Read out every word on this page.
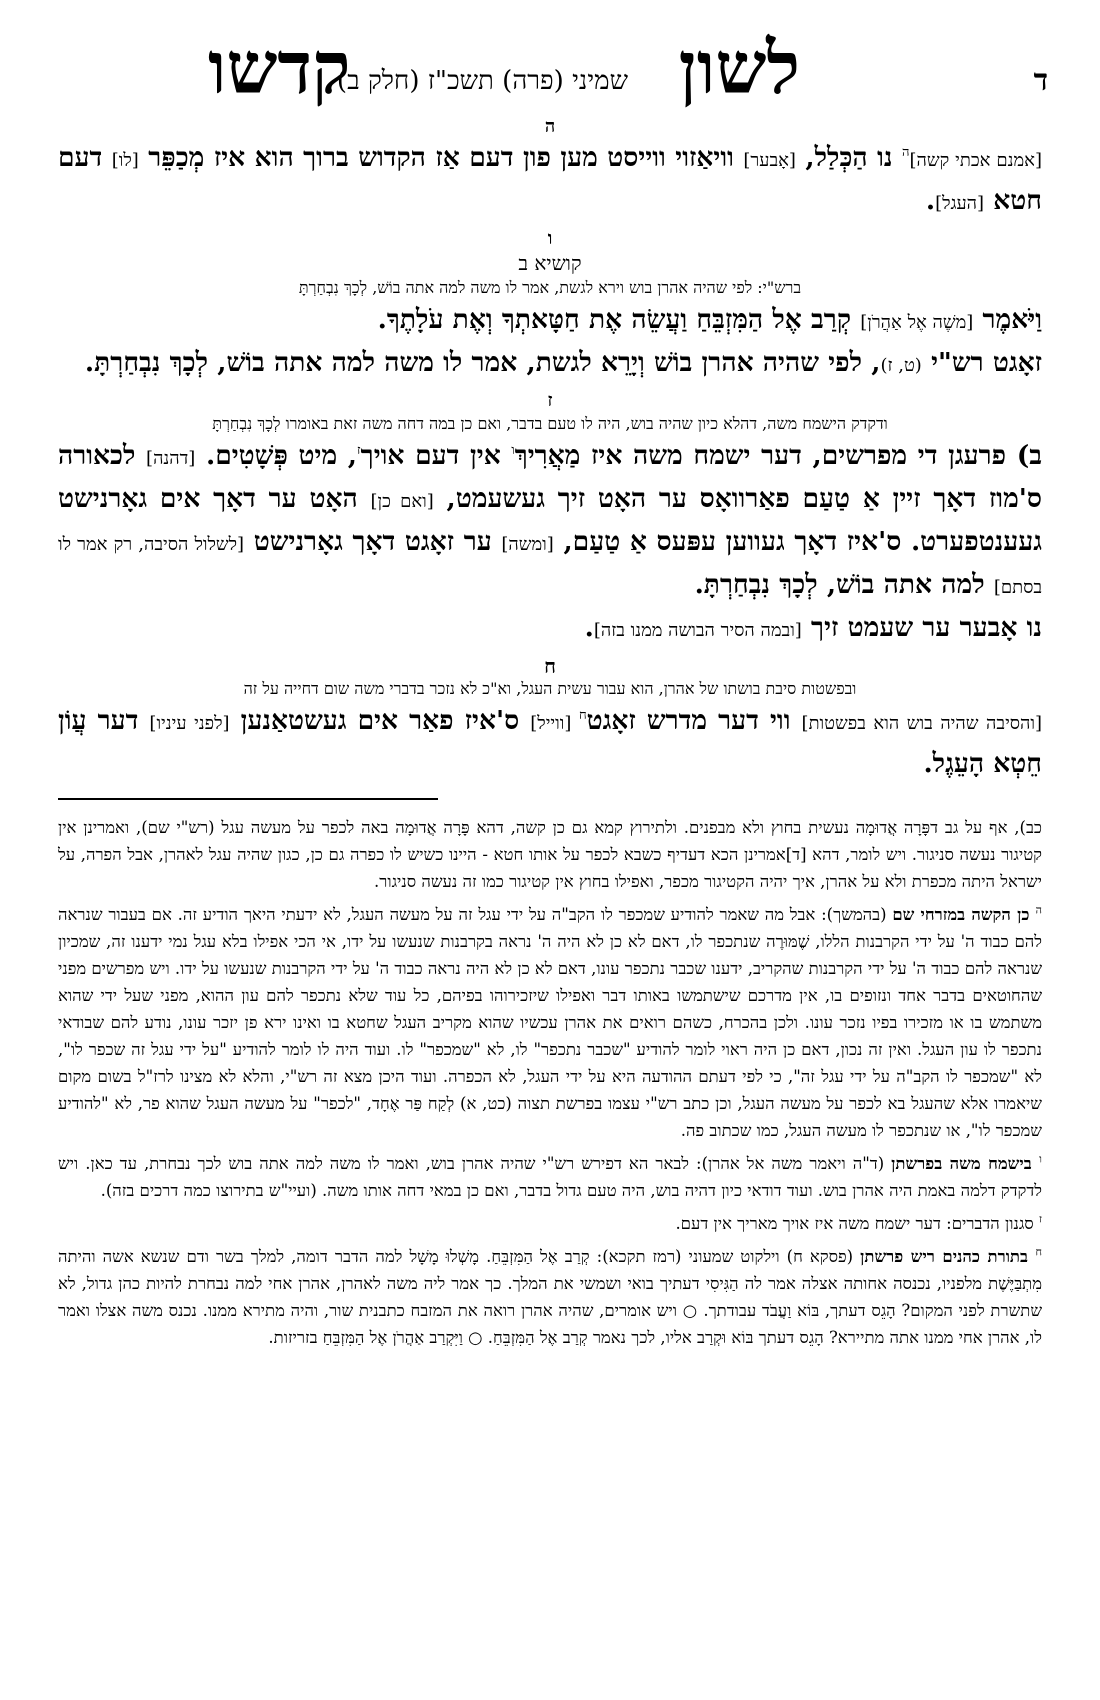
ד
לשון
שמיני (פרה) תשכ"ז (חלק ב)
קדשו
ה

[אמנם אכתי קשה]$^ה$ נו הַכְּלַל, [אָבער] וויאַזוי ווייסט מען פון דעם אַז הקדוש ברוך הוא איז מְכַפֵּר [לו] דעם חטא [העגל].

ו

קושיא ב

ברש"י: לפי שהיה אהרן בוש וירא לגשת, אמר לו משה למה אתה בוֹשׁ, לְכָךְ נִבְחַרְתָּ

וַיֹּאמֶר [משֶׁה אֶל אַהֲרֹן] קְרַב אֶל הַמִּזְבֵּחַ וַעֲשֵׂה אֶת חַטָּאתְךָ וְאֶת עֹלָתֶךָ.

זאָגט רש"י (ט, ז), לפי שהיה אהרן בוֹשׁ וְיָרֵא לגשת, אמר לו משה למה אתה בוֹשׁ, לְכָךְ נִבְחַרְתָּ.

ז

ודקדק הישמח משה, דהלא כיון שהיה בוש, היה לו טעם בדבר, ואם כן במה דחה משה זאת באומרו לְכָךְ נִבְחַרְתָּ

ב) פרעגן די מפרשים, דער ישמח משה איז מַאֲרִיךְ$^ו$ אין דעם אויך$^ז$, מיט פְּשָׁטִים. [דהנה] לכאורה ס'מוז דאָך זיין אַ טַעַם פאַרוואָס ער האָט זיך געשעמט, [ואם כן] האָט ער דאָך אים גאָרנישט געענטפערט. ס'איז דאָך געווען עפּעס אַ טַעַם, [ומשה] ער זאָגט דאָך גאָרנישט [לשלול הסיבה, רק אמר לו בסתם] למה אתה בוֹשׁ, לְכָךְ נִבְחַרְתָּ.

נו אָבער ער שעמט זיך [ובמה הסיר הבושה ממנו בזה].

ח

ובפשטות סיבת בושתו של אהרן, הוא עבור עשית העגל, וא"כ לא נזכר בדברי משה שום דחייה על זה

[והסיבה שהיה בוש הוא בפשטות] ווי דער מדרש זאָגט$^ח$ [ווייל] ס'איז פאַר אים געשטאַנען [לפני עיניו] דער עֲוֹן חֵטְא הָעֵגֶל.

כב), אף על גב דפָּרָה אֲדוּמָה נעשית בחוץ ולא מבפנים. ולתירוץ קמא גם כן קשה, דהא פָּרָה אֲדוּמָה באה לכפר על מעשה עגל (רש"י שם), ואמרינן אין קטיגור נעשה סניגור. ויש לומר, דהא [ד]אמרינן הכא דעדיף כשבא לכפר על אותו חטא - היינו כשיש לו כפרה גם כן, כגון שהיה עגל לאהרן, אבל הפרה, על ישראל היתה מכפרת ולא על אהרן, איך יהיה הקטיגור מכפר, ואפילו בחוץ אין קטיגור כמו זה נעשה סניגור.

$^ה$ כן הקשה במזרחי שם (בהמשך): אבל מה שאמר להודיע שמכפר לו הקב"ה על ידי עגל זה על מעשה העגל, לא ידעתי היאך הודיע זה. אם בעבור שנראה להם כבוד ה' על ידי הקרבנות הללו, שֶׁמּוּרֶה שנתכפר לו, דאם לא כן לא היה ה' נראה בקרבנות שנעשו על ידו, אי הכי אפילו בלא עגל נמי ידענו זה, שמכיון שנראה להם כבוד ה' על ידי הקרבנות שהקריב, ידענו שכבר נתכפר עונו, דאם לא כן לא היה נראה כבוד ה' על ידי הקרבנות שנעשו על ידו. ויש מפרשים מפני שהחוטאים בדבר אחד ונזופים בו, אין מדרכם שישתמשו באותו דבר ואפילו שיזכירוהו בפיהם, כל עוד שלא נתכפר להם עון ההוא, מפני שעל ידי שהוא משתמש בו או מזכירו בפיו נזכר עונו. ולכן בהכרח, כשהם רואים את אהרן עכשיו שהוא מקריב העגל שחטא בו ואינו ירא פן יזכר עונו, נודע להם שבודאי נתכפר לו עון העגל. ואין זה נכון, דאם כן היה ראוי לומר להודיע "שכבר נתכפר" לו, לא "שמכפר" לו. ועוד היה לו לומר להודיע "על ידי עגל זה שכפר לו", לא "שמכפר לו הקב"ה על ידי עגל זה", כי לפי דעתם ההודעה היא על ידי העגל, לא הכפרה. ועוד היכן מצא זה רש"י, והלא לא מצינו לרז"ל בשום מקום שיאמרו אלא שהעגל בא לכפר על מעשה העגל, וכן כתב רש"י עצמו בפרשת תצוה (כט, א) לְקַח פַּר אֶחָד, "לכפר" על מעשה העגל שהוא פר, לא "להודיע שמכפר לו", או שנתכפר לו מעשה העגל, כמו שכתוב פה.

$^ו$ בישמח משה בפרשתן (ד"ה ויאמר משה אל אהרן): לבאר הא דפירש רש"י שהיה אהרן בוש, ואמר לו משה למה אתה בוש לכך נבחרת, עד כאן. ויש לדקדק דלמה באמת היה אהרן בוש. ועוד דודאי כיון דהיה בוש, היה טעם גדול בדבר, ואם כן במאי דחה אותו משה. (ועיי"ש בתירוצו כמה דרכים בזה).

$^ז$ סגנון הדברים: דער ישמח משה איז אויך מאריך אין דעם.

$^ח$ בתורת כהנים ריש פרשתן (פסקא ח) וילקוט שמעוני (רמז תקכא): קְרַב אֶל הַמִּזְבֵּחַ. מָשְׁלוּ מָשָׁל למה הדבר דומה, למלך בשר ודם שנשא אשה והיתה מִתְבַּיֶּשֶׁת מלפניו, נכנסה אחותה אצלה אמר לה הַגִּיסִי דעתיך בואי ושמשי את המלך. כך אמר ליה משה לאהרן, אהרן אחי למה נבחרת להיות כהן גדול, לא שתשרת לפני המקום? הָגֵס דעתך, בּוֹא וַעֲבֹד עבודתך. ○ ויש אומרים, שהיה אהרן רואה את המזבח כתבנית שור, והיה מתירא ממנו. נכנס משה אצלו ואמר לו, אהרן אחי ממנו אתה מתיירא? הָגֵס דעתך בּוֹא וּקְרַב אליו, לכך נאמר קְרַב אֶל הַמִּזְבֵּחַ. ○ וַיִּקְרַב אַהֲרֹן אֶל הַמִּזְבֵּחַ בזריזות.
